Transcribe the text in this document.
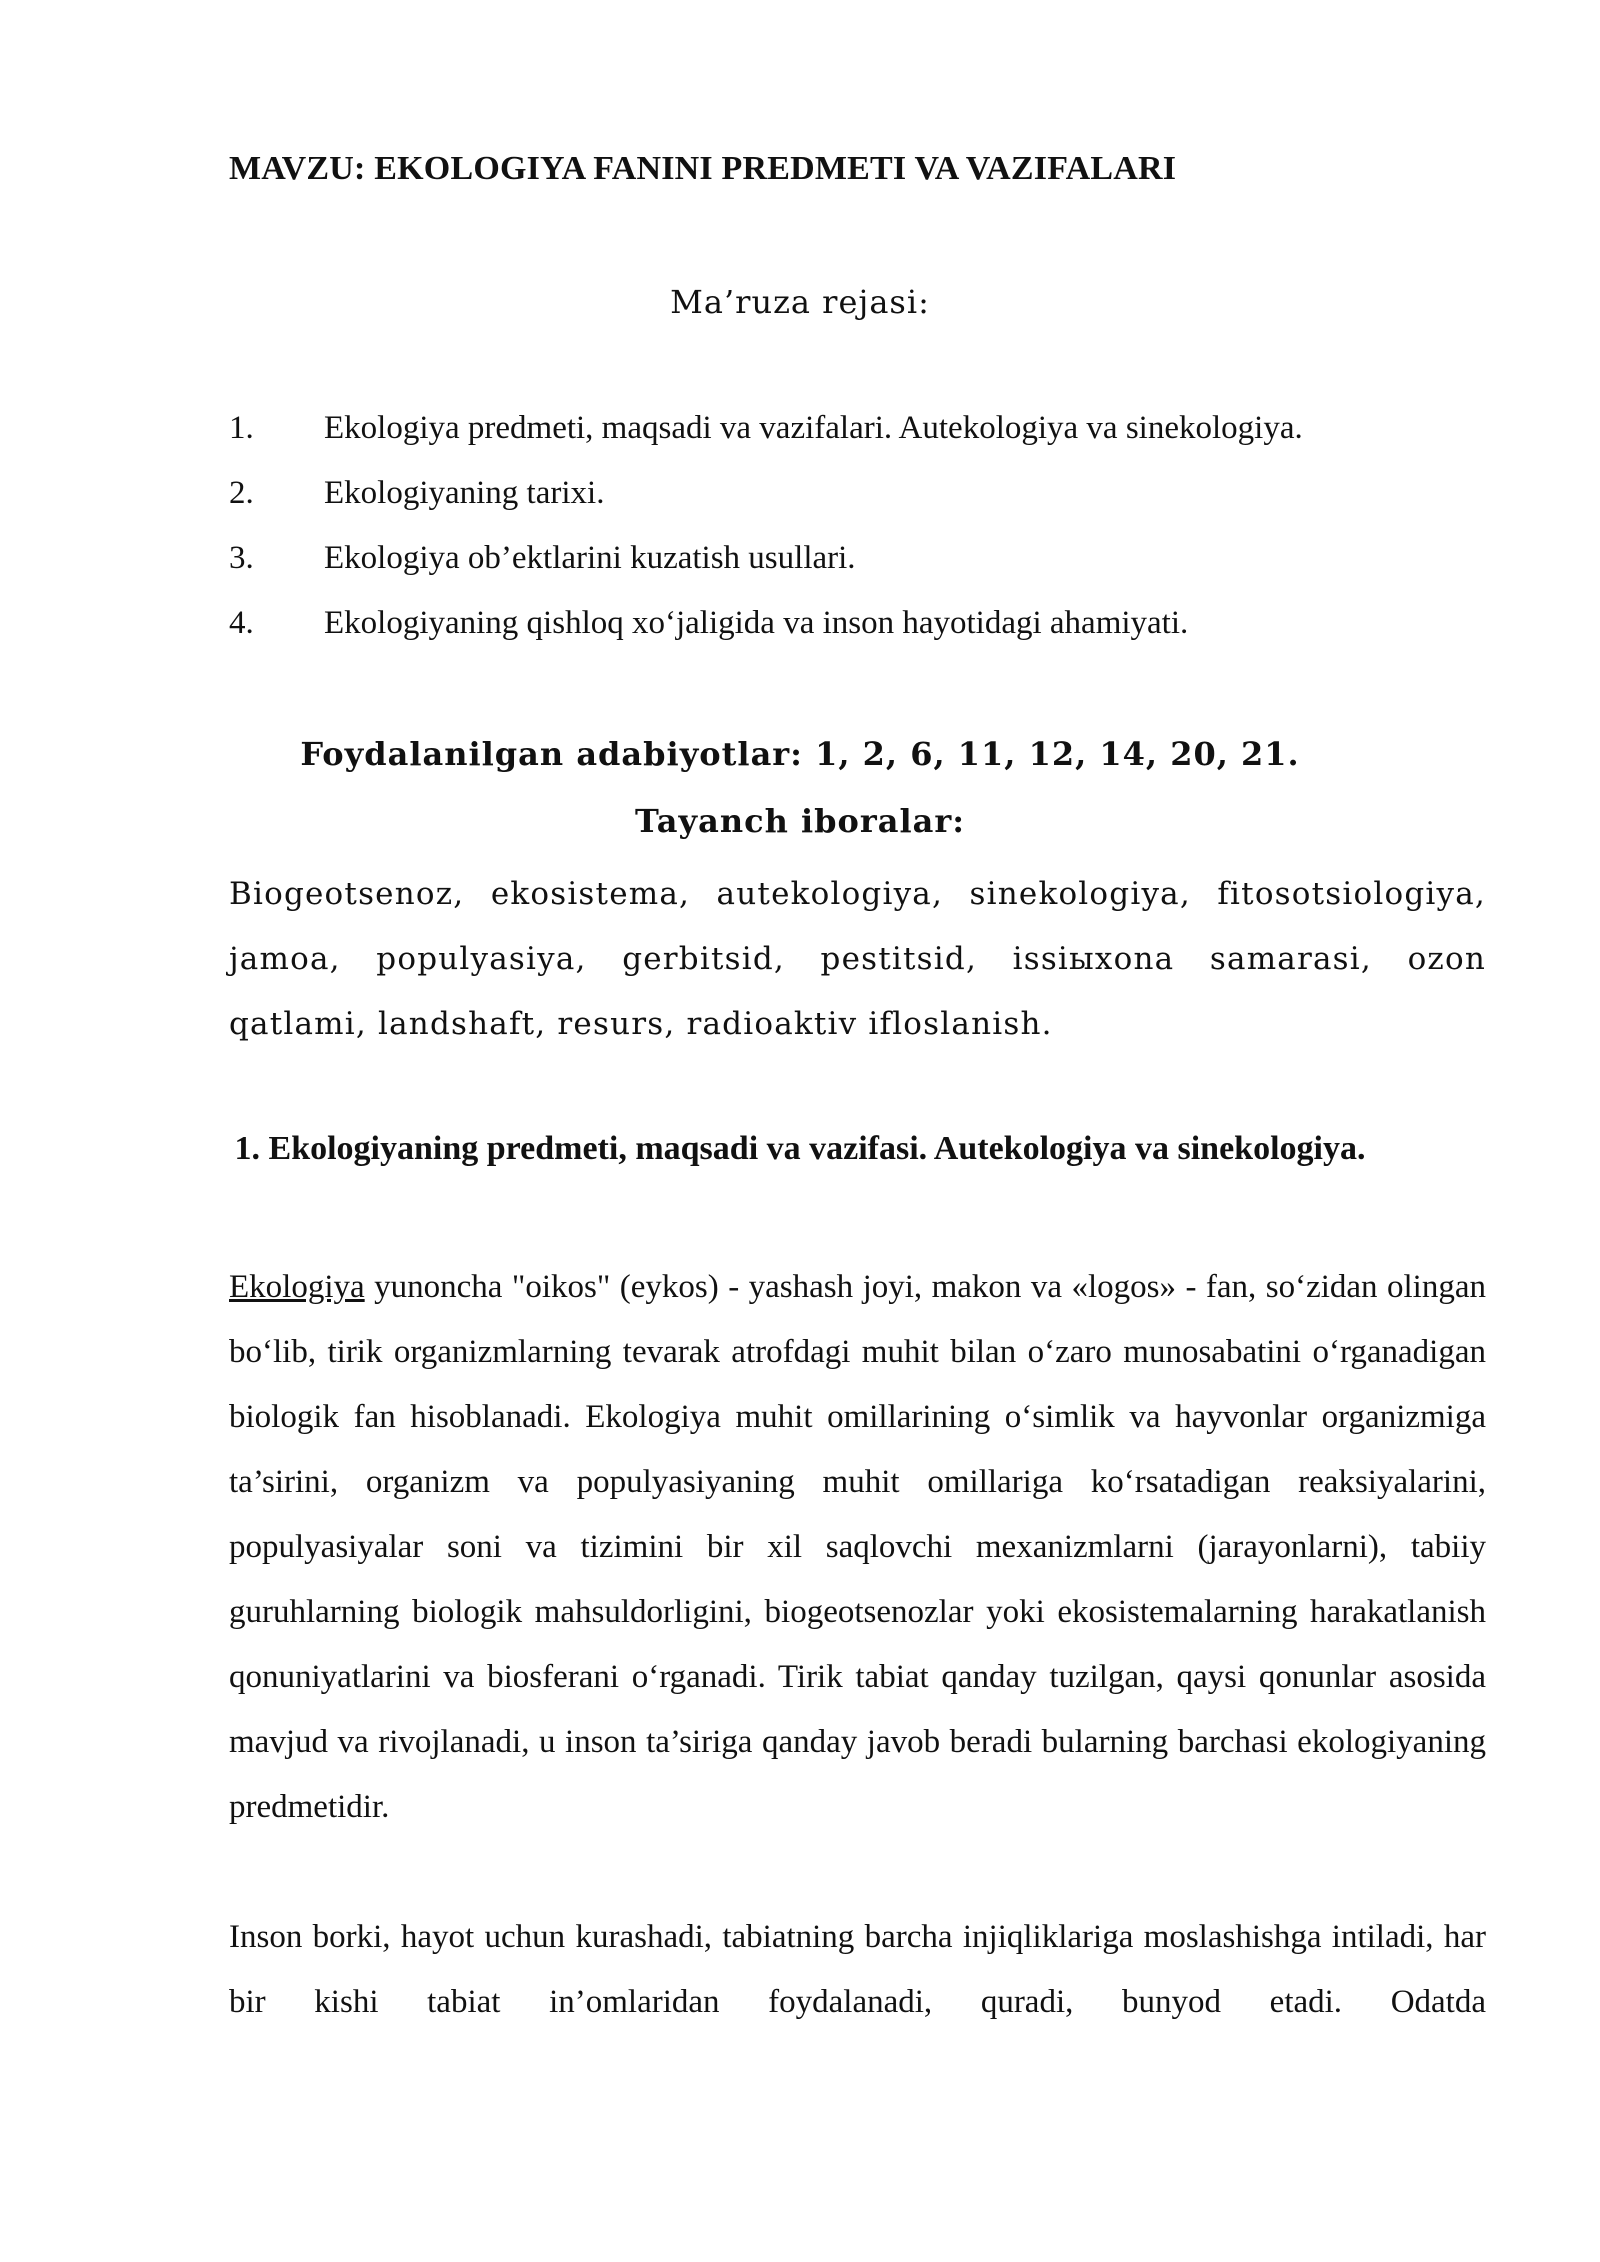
MAVZU: EKOLOGIYA FANINI PREDMETI VA VAZIFALARI
Ma’ruza rejasi:
1.	Ekologiya predmeti, maqsadi va vazifalari. Autekologiya va sinekologiya.
2.	Ekologiyaning tarixi.
3.	Ekologiya ob’ektlarini kuzatish usullari.
4.	Ekologiyaning qishloq xo‘jaligida va inson hayotidagi ahamiyati.
Foydalanilgan adabiyotlar: 1, 2, 6, 11, 12, 14, 20, 21.
Tayanch iboralar:

Biogeotsenoz, ekosistema, autekologiya, sinekologiya, fitosotsiologiya, jamoa, populyasiya, gerbitsid, pestitsid, issiыxona samarasi, ozon qatlami, landshaft, resurs, radioaktiv ifloslanish.

1. Ekologiyaning predmeti, maqsadi va vazifasi. Autekologiya va sinekologiya.

Ekologiya yunoncha "oikos" (eykos) - yashash joyi, makon va «logos» - fan, so‘zidan olingan bo‘lib, tirik organizmlarning tevarak atrofdagi muhit bilan o‘zaro munosabatini o‘rganadigan biologik fan hisoblanadi. Ekologiya muhit omillarining o‘simlik va hayvonlar organizmiga ta’sirini, organizm va populyasiyaning muhit omillariga ko‘rsatadigan reaksiyalarini, populyasiyalar soni va tizimini bir xil saqlovchi mexanizmlarni (jarayonlarni), tabiiy guruhlarning biologik mahsuldorligini, biogeotsenozlar yoki ekosistemalarning harakatlanish qonuniyatlarini va biosferani o‘rganadi. Tirik tabiat qanday tuzilgan, qaysi qonunlar asosida mavjud va rivojlanadi, u inson ta’siriga qanday javob beradi bularning barchasi ekologiyaning predmetidir.

Inson borki, hayot uchun kurashadi, tabiatning barcha injiqliklariga moslashishga intiladi, har bir kishi tabiat in’omlaridan foydalanadi, quradi, bunyod etadi. Odatda
